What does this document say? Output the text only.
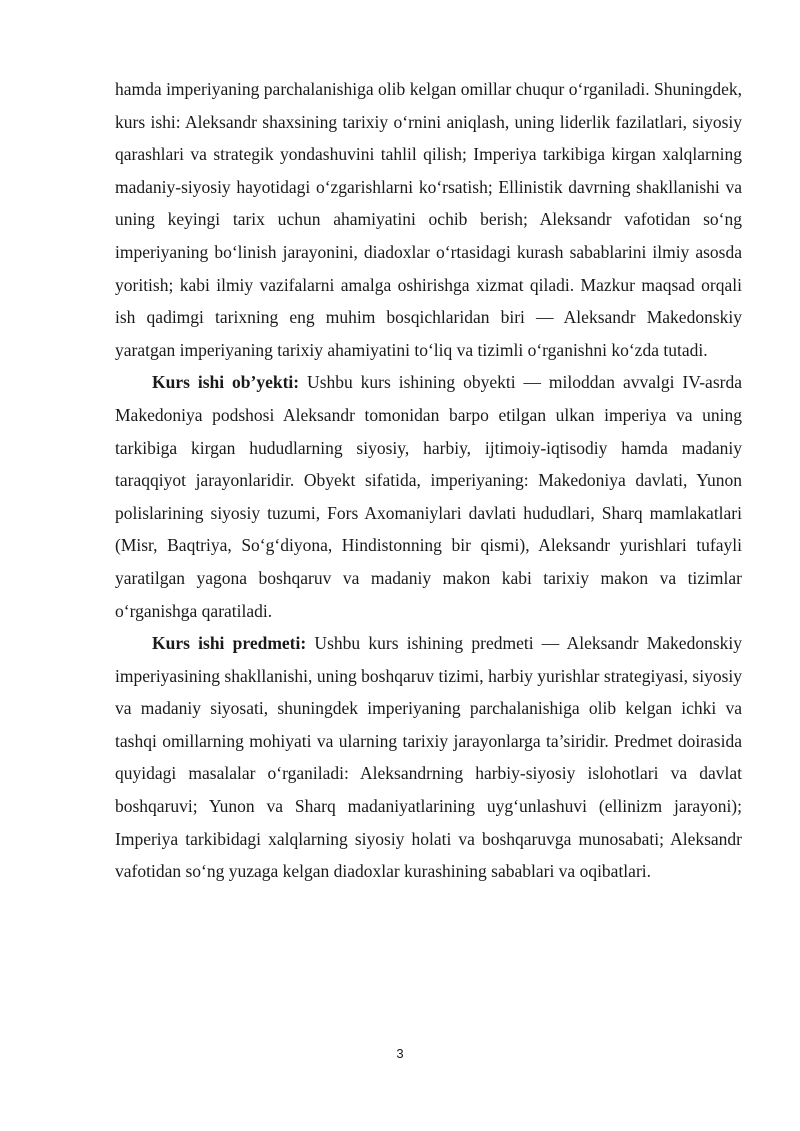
hamda imperiyaning parchalanishiga olib kelgan omillar chuqur o‘rganiladi. Shuningdek, kurs ishi: Aleksandr shaxsining tarixiy o‘rnini aniqlash, uning liderlik fazilatlari, siyosiy qarashlari va strategik yondashuvini tahlil qilish; Imperiya tarkibiga kirgan xalqlarning madaniy-siyosiy hayotidagi o‘zgarishlarni ko‘rsatish; Ellinistik davrning shakllanishi va uning keyingi tarix uchun ahamiyatini ochib berish; Aleksandr vafotidan so‘ng imperiyaning bo‘linish jarayonini, diadoxlar o‘rtasidagi kurash sabablarini ilmiy asosda yoritish; kabi ilmiy vazifalarni amalga oshirishga xizmat qiladi. Mazkur maqsad orqali ish qadimgi tarixning eng muhim bosqichlaridan biri — Aleksandr Makedonskiy yaratgan imperiyaning tarixiy ahamiyatini to‘liq va tizimli o‘rganishni ko‘zda tutadi.

Kurs ishi ob’yekti: Ushbu kurs ishining obyekti — miloddan avvalgi IV-asrda Makedoniya podshosi Aleksandr tomonidan barpo etilgan ulkan imperiya va uning tarkibiga kirgan hududlarning siyosiy, harbiy, ijtimoiy-iqtisodiy hamda madaniy taraqqiyot jarayonlaridir. Obyekt sifatida, imperiyaning: Makedoniya davlati, Yunon polislarining siyosiy tuzumi, Fors Axomaniylari davlati hududlari, Sharq mamlakatlari (Misr, Baqtriya, So‘g‘diyona, Hindistonning bir qismi), Aleksandr yurishlari tufayli yaratilgan yagona boshqaruv va madaniy makon kabi tarixiy makon va tizimlar o‘rganishga qaratiladi.

Kurs ishi predmeti: Ushbu kurs ishining predmeti — Aleksandr Makedonskiy imperiyasining shakllanishi, uning boshqaruv tizimi, harbiy yurishlar strategiyasi, siyosiy va madaniy siyosati, shuningdek imperiyaning parchalanishiga olib kelgan ichki va tashqi omillarning mohiyati va ularning tarixiy jarayonlarga ta’siridir. Predmet doirasida quyidagi masalalar o‘rganiladi: Aleksandrning harbiy-siyosiy islohotlari va davlat boshqaruvi; Yunon va Sharq madaniyatlarining uyg‘unlashuvi (ellinizm jarayoni); Imperiya tarkibidagi xalqlarning siyosiy holati va boshqaruvga munosabati; Aleksandr vafotidan so‘ng yuzaga kelgan diadoxlar kurashining sabablari va oqibatlari.

3
